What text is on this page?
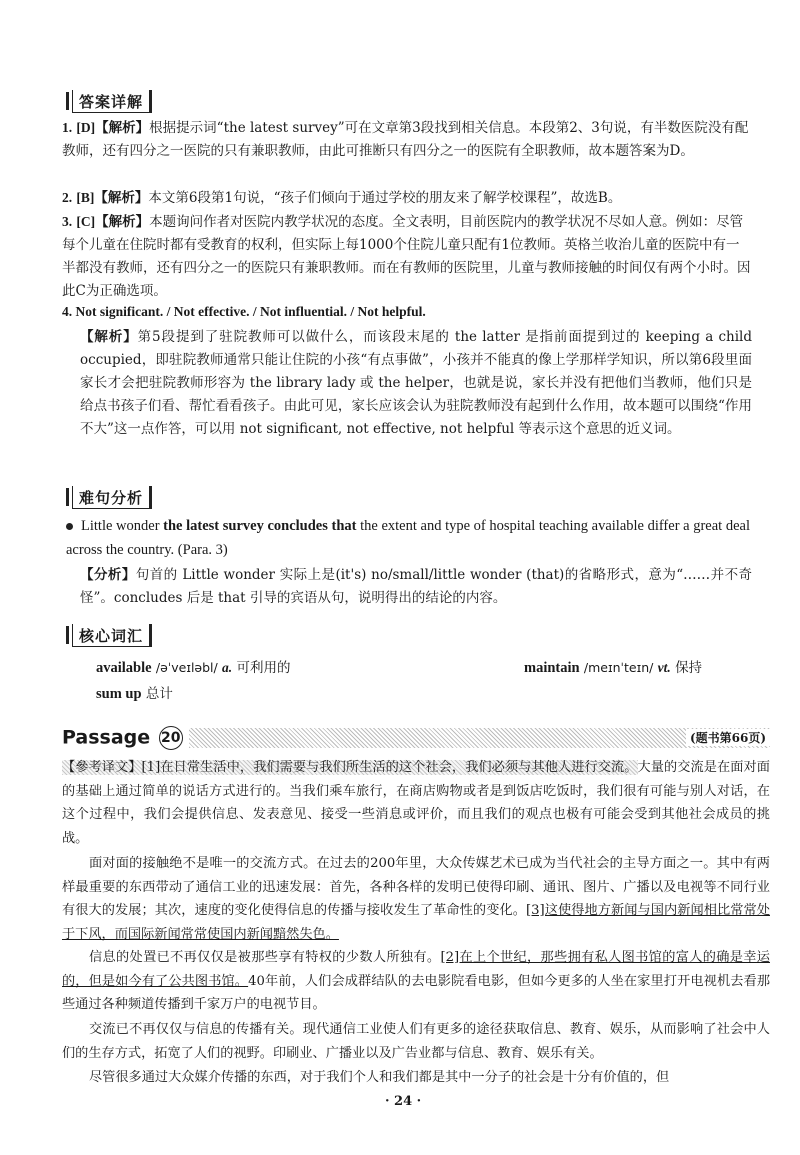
答案详解
1. [D]【解析】根据提示词“the latest survey”可在文章第3段找到相关信息。本段第2、3句说，有半数医院没有配教师，还有四分之一医院的只有兼职教师，由此可推断只有四分之一的医院有全职教师，故本题答案为D。
2. [B]【解析】本文第6段第1句说，“孩子们倾向于通过学校的朋友来了解学校课程”，故选B。
3. [C]【解析】本题询问作者对医院内教学状况的态度。全文表明，目前医院内的教学状况不尽如人意。例如：尽管每个儿童在住院时都有受教育的权利，但实际上每1000个住院儿童只配有1位教师。英格兰收治儿童的医院中有一半都没有教师，还有四分之一的医院只有兼职教师。而在有教师的医院里，儿童与教师接触的时间仅有两个小时。因此C为正确选项。
4. Not significant. / Not effective. / Not influential. / Not helpful.
【解析】第5段提到了驻院教师可以做什么，而该段末尾的 the latter 是指前面提到过的 keeping a child occupied，即驻院教师通常只能让住院的小孩“有点事做”，小孩并不能真的像上学那样学知识，所以第6段里面家长才会把驻院教师形容为 the library lady 或 the helper，也就是说，家长并没有把他们当教师，他们只是给点书孩子们看、帮忙看看孩子。由此可见，家长应该会认为驻院教师没有起到什么作用，故本题可以围绕“作用不大”这一点作答，可以用 not significant, not effective, not helpful 等表示这个意思的近义词。
难句分析
Little wonder the latest survey concludes that the extent and type of hospital teaching available differ a great deal across the country. (Para. 3)
【分析】句首的 Little wonder 实际上是(it's) no/small/little wonder (that)的省略形式，意为“……并不奇怪”。concludes 后是 that 引导的宾语从句，说明得出的结论的内容。
核心词汇
available /əˈveɪləbl/ a. 可利用的	maintain /meɪnˈteɪn/ vt. 保持
sum up 总计
Passage 20	(题书第66页)
【參考译文】[1]在日常生活中，我们需要与我们所生活的这个社会，我们必须与其他人进行交流。大量的交流是在面对面的基础上通过简单的说话方式进行的。当我们乘车旅行，在商店购物或者是到饭店吃饭时，我们很有可能与别人对话，在这个过程中，我们会提供信息、发表意见、接受一些消息或评价，而且我们的观点也极有可能会受到其他社会成员的挑战。
面对面的接触绝不是唯一的交流方式。在过去的200年里，大众传媒艺术已成为当代社会的主导方面之一。其中有两样最重要的东西带动了通信工业的迅速发展：首先，各种各样的发明已使得印刷、通讯、图片、广播以及电视等不同行业有很大的发展；其次，速度的变化使得信息的传播与接收发生了革命性的变化。[3]这使得地方新闻与国内新闻相比常常处于下风，而国际新闻常常使国内新闻黯然失色。
信息的处置已不再仅仅是被那些享有特权的少数人所独有。[2]在上个世纪，那些拥有私人图书馆的富人的确是幸运的，但是如今有了公共图书馆。40年前，人们会成群结队的去电影院看电影，但如今更多的人坐在家里打开电视机去看那些通过各种频道传播到千家万户的电视节目。
交流已不再仅仅与信息的传播有关。现代通信工业使人们有更多的途径获取信息、教育、娱乐，从而影响了社会中人们的生存方式，拓宽了人们的视野。印刷业、广播业以及广告业都与信息、教育、娱乐有关。
尽管很多通过大众媒介传播的东西，对于我们个人和我们都是其中一分子的社会是十分有价值的，但
· 24 ·
